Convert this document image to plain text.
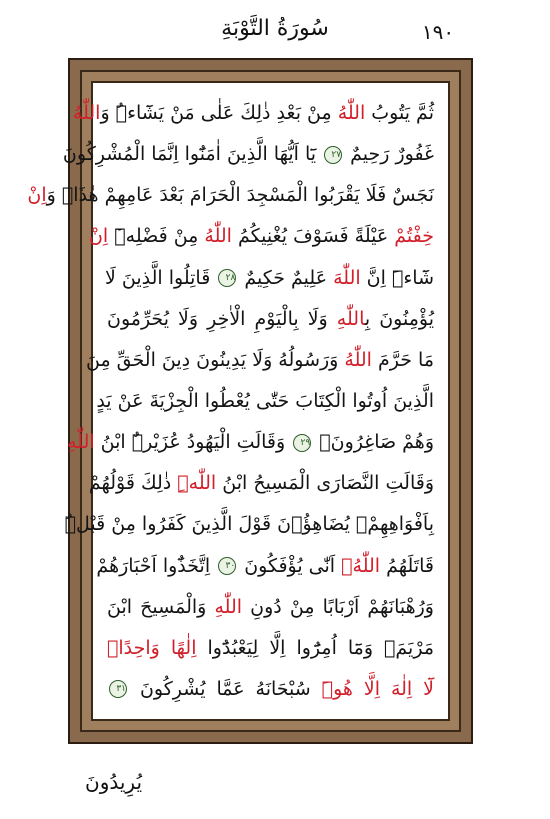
١٩٠
سُورَةُ التَّوْبَةِ
ثُمَّ يَتُوبُ اللّٰهُ مِنْ بَعْدِ ذٰلِكَ عَلٰى مَنْ يَشَٓاءُۜ وَاللّٰهُ
غَفُورٌ رَحِيمٌ ٢٧ يَٓا اَيُّهَا الَّذِينَ اٰمَنُٓوا اِنَّمَا الْمُشْرِكُونَ
نَجَسٌ فَلَا يَقْرَبُوا الْمَسْجِدَ الْحَرَامَ بَعْدَ عَامِهِمْ هٰذَاۚ وَاِنْ
خِفْتُمْ عَيْلَةً فَسَوْفَ يُغْنِيكُمُ اللّٰهُ مِنْ فَضْلِه۪ٓ اِنْ
شَٓاءَۜ اِنَّ اللّٰهَ عَلِيمٌ حَكِيمٌ ٢٨ قَاتِلُوا الَّذِينَ لَا
يُؤْمِنُونَ بِاللّٰهِ وَلَا بِالْيَوْمِ الْاٰخِرِ وَلَا يُحَرِّمُونَ
مَا حَرَّمَ اللّٰهُ وَرَسُولُهُ وَلَا يَدِينُونَ دِينَ الْحَقِّ مِنَ
الَّذِينَ اُوتُوا الْكِتَابَ حَتّٰى يُعْطُوا الْجِزْيَةَ عَنْ يَدٍ
وَهُمْ صَاغِرُونَ۟ ٢٩ وَقَالَتِ الْيَهُودُ عُزَيْرٌۨ ابْنُ اللّٰهِ
وَقَالَتِ النَّصَارَى الْمَسِيحُ ابْنُ اللّٰهِۜ ذٰلِكَ قَوْلُهُمْ
بِاَفْوَاهِهِمْۚ يُضَاهِؤُ۫نَ قَوْلَ الَّذِينَ كَفَرُوا مِنْ قَبْلُۜ
قَاتَلَهُمُ اللّٰهُۚ اَنّٰى يُؤْفَكُونَ ٣٠ اِتَّخَذُٓوا اَحْبَارَهُمْ
وَرُهْبَانَهُمْ اَرْبَابًا مِنْ دُونِ اللّٰهِ وَالْمَسِيحَ ابْنَ
مَرْيَمَۚ وَمَٓا اُمِرُٓوا اِلَّا لِيَعْبُدُٓوا اِلٰهًا وَاحِدًاۚ
لَٓا اِلٰهَ اِلَّا هُوَۜ سُبْحَانَهُ عَمَّا يُشْرِكُونَ ٣١
يُرِيدُونَ
